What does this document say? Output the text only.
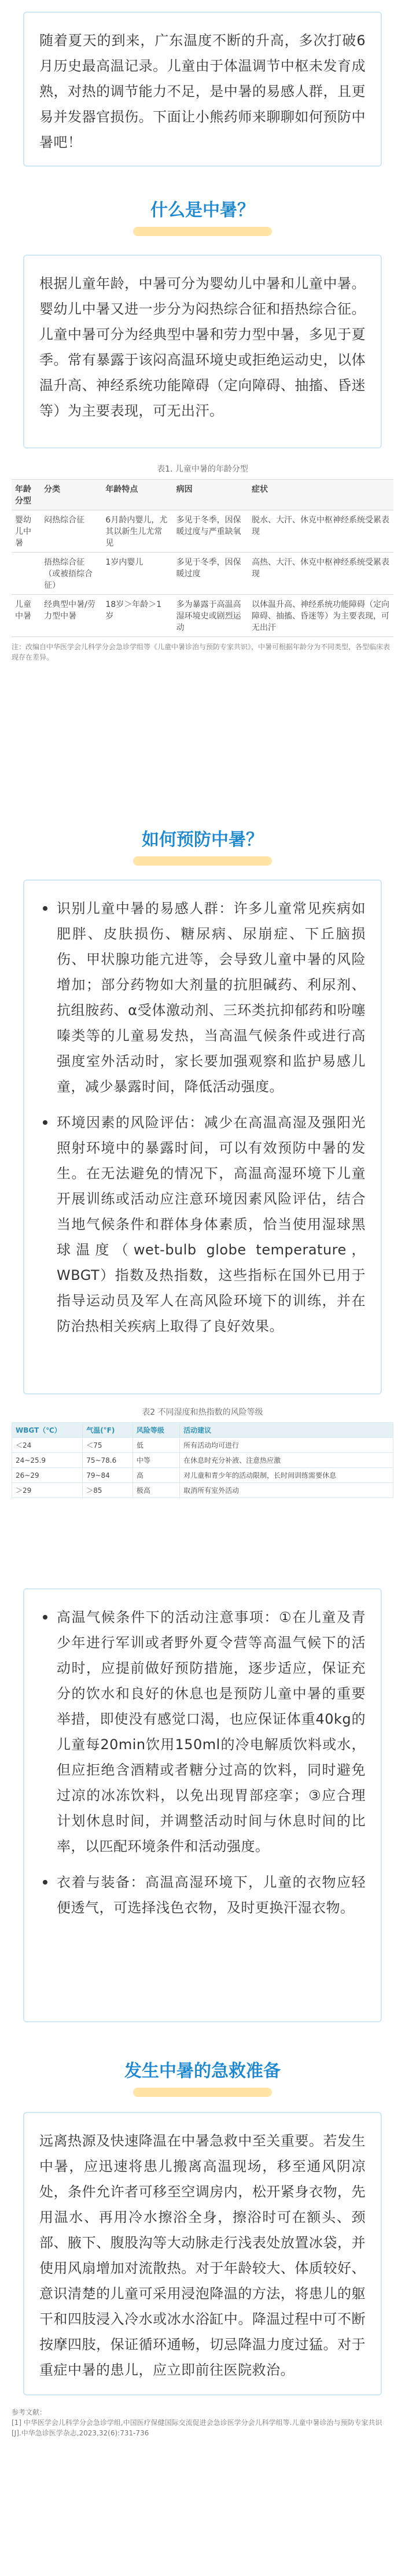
随着夏天的到来，广东温度不断的升高，多次打破6月历史最高温记录。儿童由于体温调节中枢未发育成熟，对热的调节能力不足，是中暑的易感人群，且更易并发器官损伤。下面让小熊药师来聊聊如何预防中暑吧！

什么是中暑？

根据儿童年龄，中暑可分为婴幼儿中暑和儿童中暑。婴幼儿中暑又进一步分为闷热综合征和捂热综合征。儿童中暑可分为经典型中暑和劳力型中暑，多见于夏季。常有暴露于该闷高温环境史或拒绝运动史，以体温升高、神经系统功能障碍（定向障碍、抽搐、昏迷等）为主要表现，可无出汗。

表1. 儿童中暑的年龄分型
年龄分型	分类	年龄特点	病因	症状
婴幼儿中暑	闷热综合征	6月龄内婴儿，尤其以新生儿尤常见	多见于冬季，因保暖过度与严重缺氧	脱水、大汗、休克中枢神经系统受累表现
	捂热综合征（或被捂综合征）	1岁内婴儿	多见于冬季，因保暖过度	高热、大汗、休克中枢神经系统受累表现
儿童中暑	经典型中暑/劳力型中暑	18岁＞年龄＞1岁	多为暴露于高温高湿环境史或剧烈运动	以体温升高、神经系统功能障碍（定向障碍、抽搐、昏迷等）为主要表现，可无出汗
注：改编自中华医学会儿科学分会急诊学组等《儿童中暑诊治与预防专家共识》，中暑可根据年龄分为不同类型，各型临床表现存在差异。
如何预防中暑？

识别儿童中暑的易感人群：许多儿童常见疾病如肥胖、皮肤损伤、糖尿病、尿崩症、下丘脑损伤、甲状腺功能亢进等，会导致儿童中暑的风险增加；部分药物如大剂量的抗胆碱药、利尿剂、抗组胺药、α受体激动剂、三环类抗抑郁药和吩噻嗪类等的儿童易发热，当高温气候条件或进行高强度室外活动时，家长要加强观察和监护易感儿童，减少暴露时间，降低活动强度。

环境因素的风险评估：减少在高温高湿及强阳光照射环境中的暴露时间，可以有效预防中暑的发生。在无法避免的情况下，高温高湿环境下儿童开展训练或活动应注意环境因素风险评估，结合当地气候条件和群体身体素质，恰当使用湿球黑球温度（wet-bulb globe temperature，WBGT）指数及热指数，这些指标在国外已用于指导运动员及军人在高风险环境下的训练，并在防治热相关疾病上取得了良好效果。

表2 不同湿度和热指数的风险等级
WBGT（℃）	气温(°F)	风险等级	活动建议
＜24	＜75	低	所有活动均可进行
24~25.9	75~78.6	中等	在休息时充分补液、注意热应激
26~29	79~84	高	对儿童和青少年的活动限制，长时间训练需要休息
＞29	＞85	极高	取消所有室外活动

高温气候条件下的活动注意事项：①在儿童及青少年进行军训或者野外夏令营等高温气候下的活动时，应提前做好预防措施，逐步适应，保证充分的饮水和良好的休息也是预防儿童中暑的重要举措，即使没有感觉口渴，也应保证体重40kg的儿童每20min饮用150ml的冷电解质饮料或水，但应拒绝含酒精或者糖分过高的饮料，同时避免过凉的冰冻饮料，以免出现胃部痉挛；③应合理计划休息时间，并调整活动时间与休息时间的比率，以匹配环境条件和活动强度。

衣着与装备：高温高湿环境下，儿童的衣物应轻便透气，可选择浅色衣物，及时更换汗湿衣物。

发生中暑的急救准备

远离热源及快速降温在中暑急救中至关重要。若发生中暑，应迅速将患儿搬离高温现场，移至通风阴凉处，条件允许者可移至空调房内，松开紧身衣物，先用温水、再用冷水擦浴全身，擦浴时可在额头、颈部、腋下、腹股沟等大动脉走行浅表处放置冰袋，并使用风扇增加对流散热。对于年龄较大、体质较好、意识清楚的儿童可采用浸泡降温的方法，将患儿的躯干和四肢浸入冷水或冰水浴缸中。降温过程中可不断按摩四肢，保证循环通畅，切忌降温力度过猛。对于重症中暑的患儿，应立即前往医院救治。

参考文献：
[1] 中华医学会儿科学分会急诊学组,中国医疗保健国际交流促进会急诊医学分会儿科学组等.儿童中暑诊治与预防专家共识
[J].中华急诊医学杂志,2023,32(6):731-736
